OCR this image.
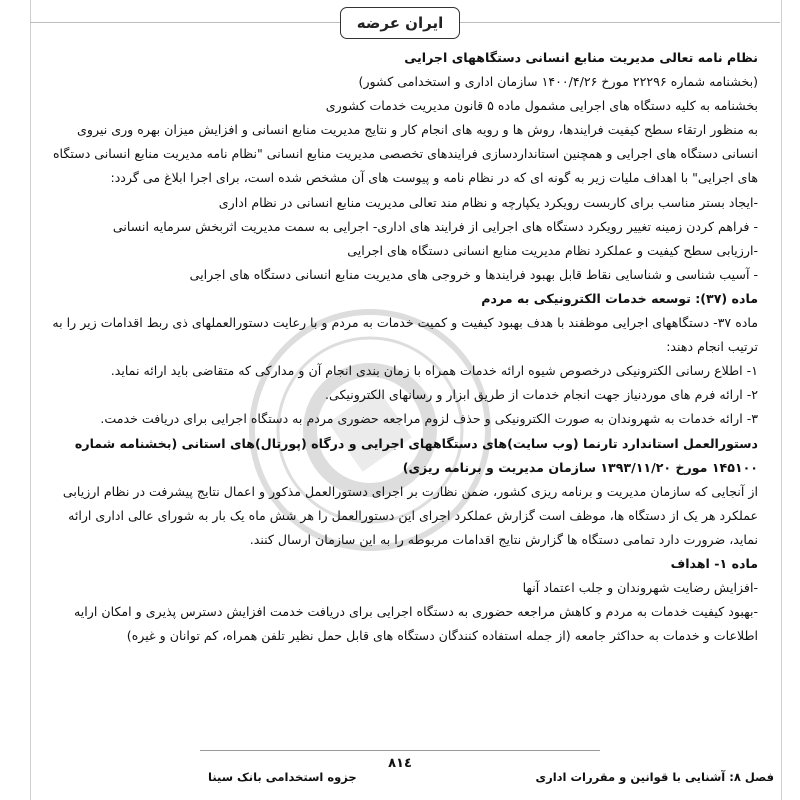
ایران عرضه

نظام نامه تعالی مدیریت منابع انسانی دستگاههای اجرایی

(بخشنامه شماره ۲۲۲۹۶ مورخ ۱۴۰۰/۴/۲۶ سازمان اداری و استخدامی کشور)

بخشنامه به کلیه دستگاه های اجرایی مشمول ماده ۵ قانون مدیریت خدمات کشوری

به منظور ارتقاء سطح کیفیت فرایندها، روش ها و رویه های انجام کار و نتایج مدیریت منابع انسانی و افزایش میزان بهره وری نیروی انسانی دستگاه های اجرایی و همچنین استانداردسازی فرایندهای تخصصی مدیریت منابع انسانی "نظام نامه مدیریت منابع انسانی دستگاه های اجرایی" با اهداف ملیات زیر به گونه ای که در نظام نامه و پیوست های آن مشخص شده است، برای اجرا ابلاغ می گردد:

-ایجاد بستر مناسب برای کاربست رویکرد یکپارچه و نظام مند تعالی مدیریت منابع انسانی در نظام اداری

- فراهم کردن زمینه تغییر رویکرد دستگاه های اجرایی از فرایند های اداری- اجرایی به سمت مدیریت اثربخش سرمایه انسانی

-ارزیابی سطح کیفیت و عملکرد نظام مدیریت منابع انسانی دستگاه های اجرایی

- آسیب شناسی و شناسایی نقاط قابل بهبود فرایندها و خروجی های مدیریت منابع انسانی دستگاه های اجرایی

ماده (۳۷): توسعه خدمات الکترونیکی به مردم

ماده ۳۷- دستگاههای اجرایی موظفند با هدف بهبود کیفیت و کمیت خدمات به مردم و با رعایت دستورالعملهای ذی ربط اقدامات زیر را به ترتیب انجام دهند:

۱- اطلاع رسانی الکترونیکی درخصوص شیوه ارائه خدمات همراه با زمان بندی انجام آن و مدارکی که متقاضی باید ارائه نماید.

۲- ارائه فرم های موردنیاز جهت انجام خدمات از طریق ابزار و رسانهای الکترونیکی.

۳- ارائه خدمات به شهروندان به صورت الکترونیکی و حذف لزوم مراجعه حضوری مردم به دستگاه اجرایی برای دریافت خدمت.

دستورالعمل استاندارد تارنما (وب سایت)های دستگاههای اجرایی و درگاه (پورتال)های استانی (بخشنامه شماره ۱۴۵۱۰۰ مورخ ۱۳۹۳/۱۱/۲۰ سازمان مدیریت و برنامه ریزی)

از آنجایی که سازمان مدیریت و برنامه ریزی کشور، ضمن نظارت بر اجرای دستورالعمل مذکور و اعمال نتایج پیشرفت در نظام ارزیابی عملکرد هر یک از دستگاه ها، موظف است گزارش عملکرد اجرای این دستورالعمل را هر شش ماه یک بار به شورای عالی اداری ارائه نماید، ضرورت دارد تمامی دستگاه ها گزارش نتایج اقدامات مربوطه را به این سازمان ارسال کنند.

ماده ۱- اهداف

-افزایش رضایت شهروندان و جلب اعتماد آنها

-بهبود کیفیت خدمات به مردم و کاهش مراجعه حضوری به دستگاه اجرایی برای دریافت خدمت افزایش دسترس پذیری و امکان ارایه اطلاعات و خدمات به حداکثر جامعه (از جمله استفاده کنندگان دستگاه های قابل حمل نظیر تلفن همراه، کم توانان و غیره)

۸۱٤
فصل ۸: آشنایی با قوانین و مقررات اداری
جزوه استخدامی بانک سینا
